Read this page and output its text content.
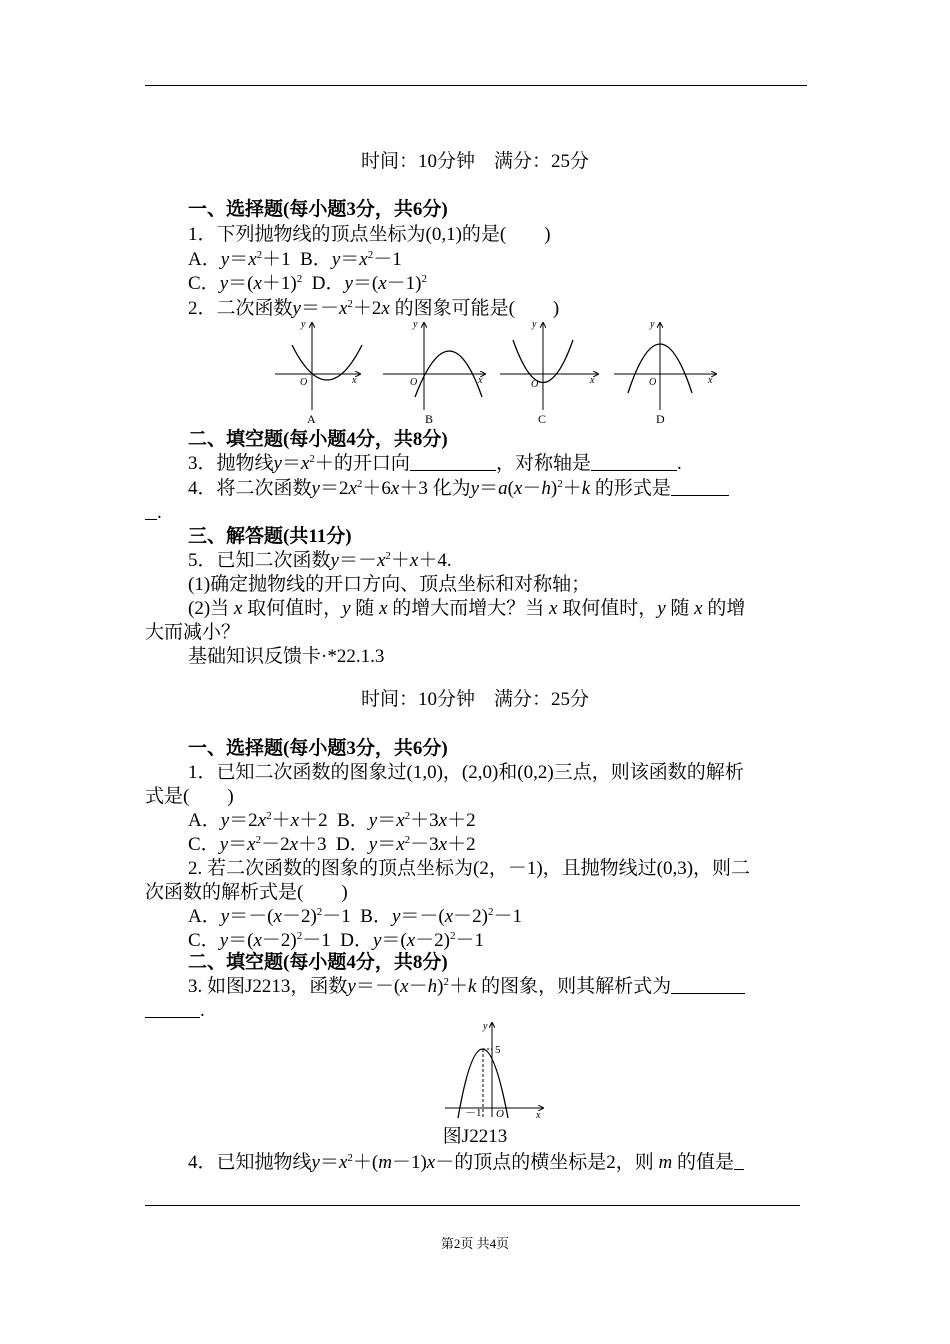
时间：10分钟　满分：25分
一、选择题(每小题3分，共6分)
1．下列抛物线的顶点坐标为(0,1)的是(　　)
A．$y=x^2+1$  B．$y=x^2-1$
C．$y=(x+1)^2$  D．$y=(x-1)^2$
2．二次函数$y=-x^2+2x$ 的图象可能是(　　)
x
y
O	x
y
O	x
y
O	x
y
O
A	B	C	D
二、填空题(每小题4分，共8分)
3．抛物线$y=x^2+$的开口向	，对称轴是	.
4．将二次函数$y=2x^2+6x+3$ 化为$y=a(x-h)^2+k$ 的形式是
.
三、解答题(共11分)
5．已知二次函数$y=-x^2+x+4$.
(1)确定抛物线的开口方向、顶点坐标和对称轴；
(2)当 x 取何值时，y 随 x 的增大而增大？当 x 取何值时，y 随 x 的增
大而减小？
基础知识反馈卡·*22.1.3
时间：10分钟　满分：25分
一、选择题(每小题3分，共6分)
1．已知二次函数的图象过(1,0)，(2,0)和(0,2)三点，则该函数的解析
式是(　　)
A．$y=2x^2+x+2$  B．$y=x^2+3x+2$
C．$y=x^2-2x+3$  D．$y=x^2-3x+2$
2. 若二次函数的图象的顶点坐标为(2，－1)，且抛物线过(0,3)，则二
次函数的解析式是(　　)
A．$y=-(x-2)^2-1$  B．$y=-(x-2)^2-1$
C．$y=(x-2)^2-1$  D．$y=(x-2)^2-1$
二、填空题(每小题4分，共8分)
3. 如图J2213，函数$y=-(x-h)^2+k$ 的图象，则其解析式为
.
5
－1 O	x
y
图J2213
4．已知抛物线$y=x^2+(m-1)x-$的顶点的横坐标是2，则 m 的值是
第2页 共4页
